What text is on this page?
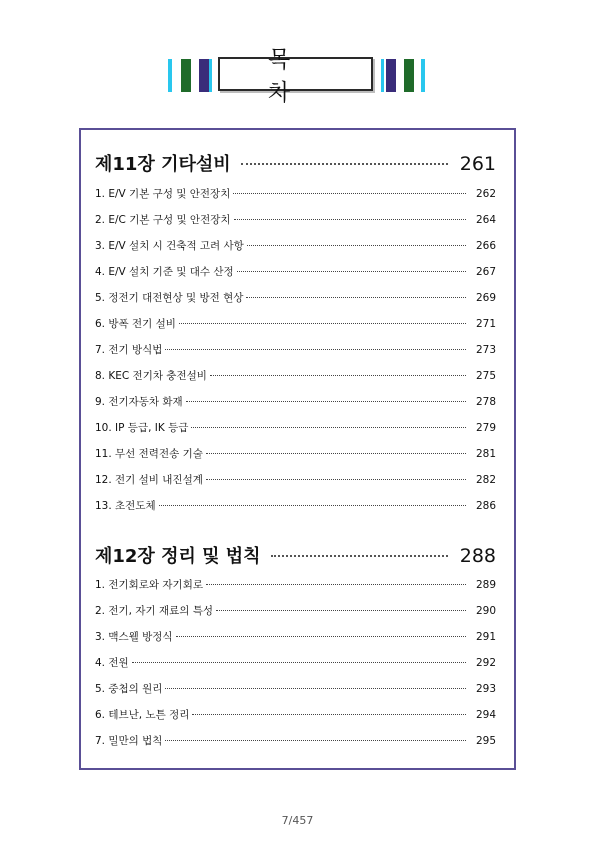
목 차
제11장 기타설비	261
1. E/V 기본 구성 및 안전장치	262
2. E/C 기본 구성 및 안전장치	264
3. E/V 설치 시 건축적 고려 사항	266
4. E/V 설치 기준 및 대수 산정	267
5. 정전기 대전현상 및 방전 현상	269
6. 방폭 전기 설비	271
7. 전기 방식법	273
8. KEC 전기차 충전설비	275
9. 전기자동차 화재	278
10. IP 등급, IK 등급	279
11. 무선 전력전송 기술	281
12. 전기 설비 내진설계	282
13. 초전도체	286
제12장 정리 및 법칙	288
1. 전기회로와 자기회로	289
2. 전기, 자기 재료의 특성	290
3. 맥스웰 방정식	291
4. 전원	292
5. 중첩의 원리	293
6. 테브난, 노튼 정리	294
7. 밀만의 법칙	295
7/457
